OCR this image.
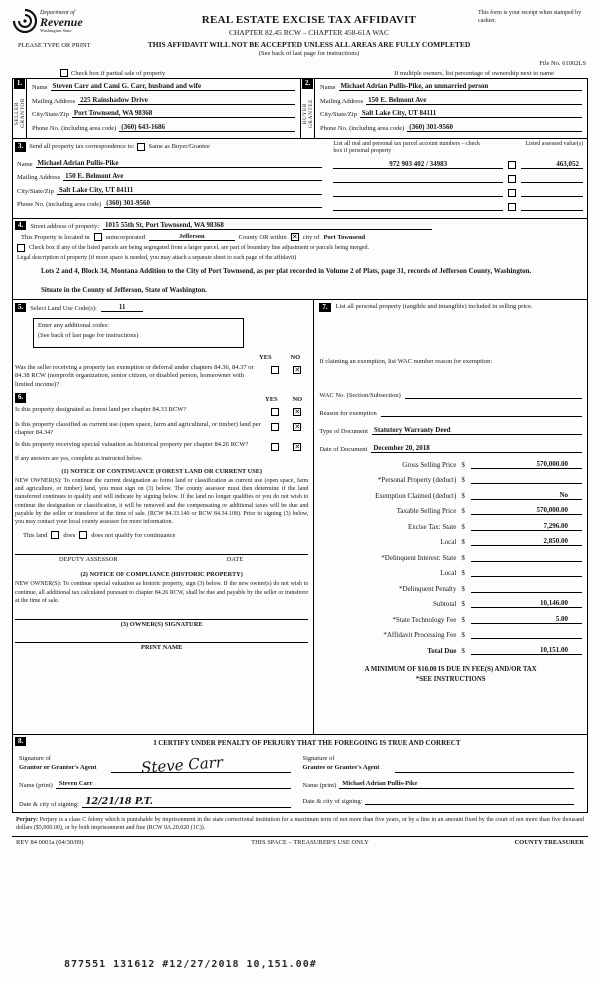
Department of
Revenue
Washington State
PLEASE TYPE OR PRINT
REAL ESTATE EXCISE TAX AFFIDAVIT
CHAPTER 82.45 RCW – CHAPTER 458-61A WAC
THIS AFFIDAVIT WILL NOT BE ACCEPTED UNLESS ALL AREAS ARE FULLY COMPLETED
(See back of last page for instructions)
This form is your receipt when stamped by cashier.
File No. 61002LS
Check box if partial sale of property	If multiple owners, list percentage of ownership next to name
1.
SELLER GRANTOR
Name Steven Carr and Cami G. Carr, husband and wife
Mailing Address 225 Rainshadow Drive
City/State/Zip Port Townsend, WA 98368
Phone No. (including area code) (360) 643-1686
2.
BUYER GRANTEE
Name Michael Adrian Pullis-Pike, an unmarried person
Mailing Address 150 E. Belmont Ave
City/State/Zip Salt Lake City, UT 84111
Phone No. (including area code) (360) 301-9560
3. Send all property tax correspondence to: Same as Buyer/Grantee
Name Michael Adrian Pullis-Pike
Mailing Address 150 E. Belmont Ave
City/State/Zip Salt Lake City, UT 84111
Phone No. (including area code) (360) 301-9560
List all real and personal tax parcel account numbers – check box if personal property
Listed assessed value(s)
972 903 402 / 34983	463,052
4.	Street address of property: 1015 55th St, Port Townsend, WA 98368
This Property is located in unincorporated	Jefferson	County OR within ✕ city of Port Townsend
Check box if any of the listed parcels are being segregated from a larger parcel, are part of boundary line adjustment or parcels being merged.
Legal description of property (if more space is needed, you may attach a separate sheet to each page of the affidavit)
Lots 2 and 4, Block 34, Montana Addition to the City of Port Townsend, as per plat recorded in Volume 2 of Plats, page 31, records of Jefferson County, Washington.
Situate in the County of Jefferson, State of Washington.
5.	Select Land Use Code(s):	11
Enter any additional codes:
(See back of last page for instructions)
YES	NO
Was the seller receiving a property tax exemption or deferral under chapters 84.36, 84.37 or 84.38 RCW (nonprofit organization, senior citizen, or disabled person, homeowner with limited income)?
✕
6.	YES	NO
Is this property designated as forest land per chapter 84.33 RCW?	✕
Is this property classified as current use (open space, farm and agricultural, or timber) land per chapter 84.34?
✕
Is this property receiving special valuation as historical property per chapter 84.26 RCW?	✕
If any answers are yes, complete as instructed below.
(1) NOTICE OF CONTINUANCE (FOREST LAND OR CURRENT USE)
NEW OWNER(S): To continue the current designation as forest land or classification as current use (open space, farm and agriculture, or timber) land, you must sign on (3) below. The county assessor must then determine if the land transferred continues to qualify and will indicate by signing below. If the land no longer qualifies or you do not wish to continue the designation or classification, it will be removed and the compensating or additional taxes will be due and payable by the seller or transferor at the time of sale. (RCW 84.33.140 or RCW 84.34.108). Prior to signing (3) below, you may contact your local county assessor for more information.
This land does does not qualify for continuance
DEPUTY ASSESSOR	DATE
(2) NOTICE OF COMPLIANCE (HISTORIC PROPERTY)
NEW OWNER(S): To continue special valuation as historic property, sign (3) below. If the new owner(s) do not wish to continue, all additional tax calculated pursuant to chapter 84.26 RCW, shall be due and payable by the seller or transferor at the time of sale.
(3) OWNER(S) SIGNATURE
PRINT NAME
7.	List all personal property (tangible and intangible) included in selling price.
If claiming an exemption, list WAC number reason for exemption:
WAC No. (Section/Subsection)
Reason for exemption
Type of Document Statutory Warranty Deed
Date of Document December 20, 2018
Gross Selling Price $	570,000.00
*Personal Property (deduct) $
Exemption Claimed (deduct) $	No
Taxable Selling Price $	570,000.00
Excise Tax: State $	7,296.00
Local $	2,850.00
*Delinquent Interest: State $
Local $
*Delinquent Penalty $
Subtotal $	10,146.00
*State Technology Fee $	5.00
*Affidavit Processing Fee $
Total Due $	10,151.00
A MINIMUM OF $10.00 IS DUE IN FEE(S) AND/OR TAX
*SEE INSTRUCTIONS
8.	I CERTIFY UNDER PENALTY OF PERJURY THAT THE FOREGOING IS TRUE AND CORRECT
Signature of
Grantor or Grantor's Agent	Steve Carr
Name (print) Steven Carr
Date & city of signing: 12/21/18 P.T.
Signature of
Grantee or Grantee's Agent
Name (print) Michael Adrian Pullis-Pike
Date & city of signing:
Perjury: Perjury is a class C felony which is punishable by imprisonment in the state correctional institution for a maximum term of not more than five years, or by a fine in an amount fixed by the court of not more than five thousand dollars ($5,000.00), or by both imprisonment and fine (RCW 9A.20.020 (1C)).
REV 84 0001a (04/30/09)	THIS SPACE – TREASURER'S USE ONLY	COUNTY TREASURER
877551 131612 #12/27/2018 10,151.00#
